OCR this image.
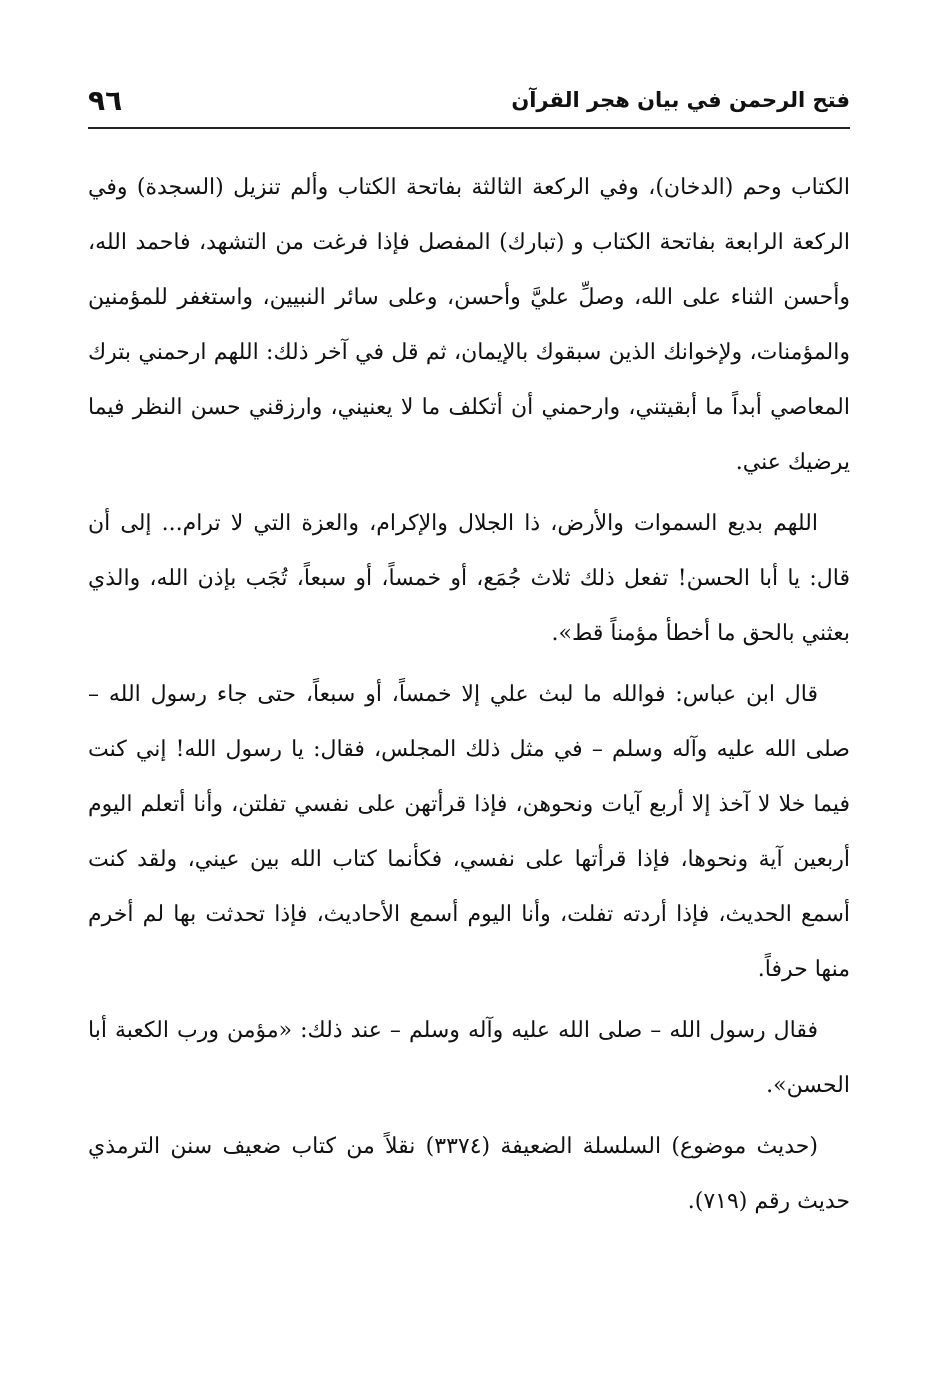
فتح الرحمن في بيان هجر القرآن
٩٦

الكتاب وحم (الدخان)، وفي الركعة الثالثة بفاتحة الكتاب وألم تنزيل (السجدة) وفي الركعة الرابعة بفاتحة الكتاب و (تبارك) المفصل فإذا فرغت من التشهد، فاحمد الله، وأحسن الثناء على الله، وصلِّ عليَّ وأحسن، وعلى سائر النبيين، واستغفر للمؤمنين والمؤمنات، ولإخوانك الذين سبقوك بالإيمان، ثم قل في آخر ذلك: اللهم ارحمني بترك المعاصي أبداً ما أبقيتني، وارحمني أن أتكلف ما لا يعنيني، وارزقني حسن النظر فيما يرضيك عني.

اللهم بديع السموات والأرض، ذا الجلال والإكرام، والعزة التي لا ترام... إلى أن قال: يا أبا الحسن! تفعل ذلك ثلاث جُمَع، أو خمساً، أو سبعاً، تُجَب بإذن الله، والذي بعثني بالحق ما أخطأ مؤمناً قط».

قال ابن عباس: فوالله ما لبث علي إلا خمساً، أو سبعاً، حتى جاء رسول الله – صلى الله عليه وآله وسلم – في مثل ذلك المجلس، فقال: يا رسول الله! إني كنت فيما خلا لا آخذ إلا أربع آيات ونحوهن، فإذا قرأتهن على نفسي تفلتن، وأنا أتعلم اليوم أربعين آية ونحوها، فإذا قرأتها على نفسي، فكأنما كتاب الله بين عيني، ولقد كنت أسمع الحديث، فإذا أردته تفلت، وأنا اليوم أسمع الأحاديث، فإذا تحدثت بها لم أخرم منها حرفاً.

فقال رسول الله – صلى الله عليه وآله وسلم – عند ذلك: «مؤمن ورب الكعبة أبا الحسن».

(حديث موضوع) السلسلة الضعيفة (٣٣٧٤) نقلاً من كتاب ضعيف سنن الترمذي حديث رقم (٧١٩).
